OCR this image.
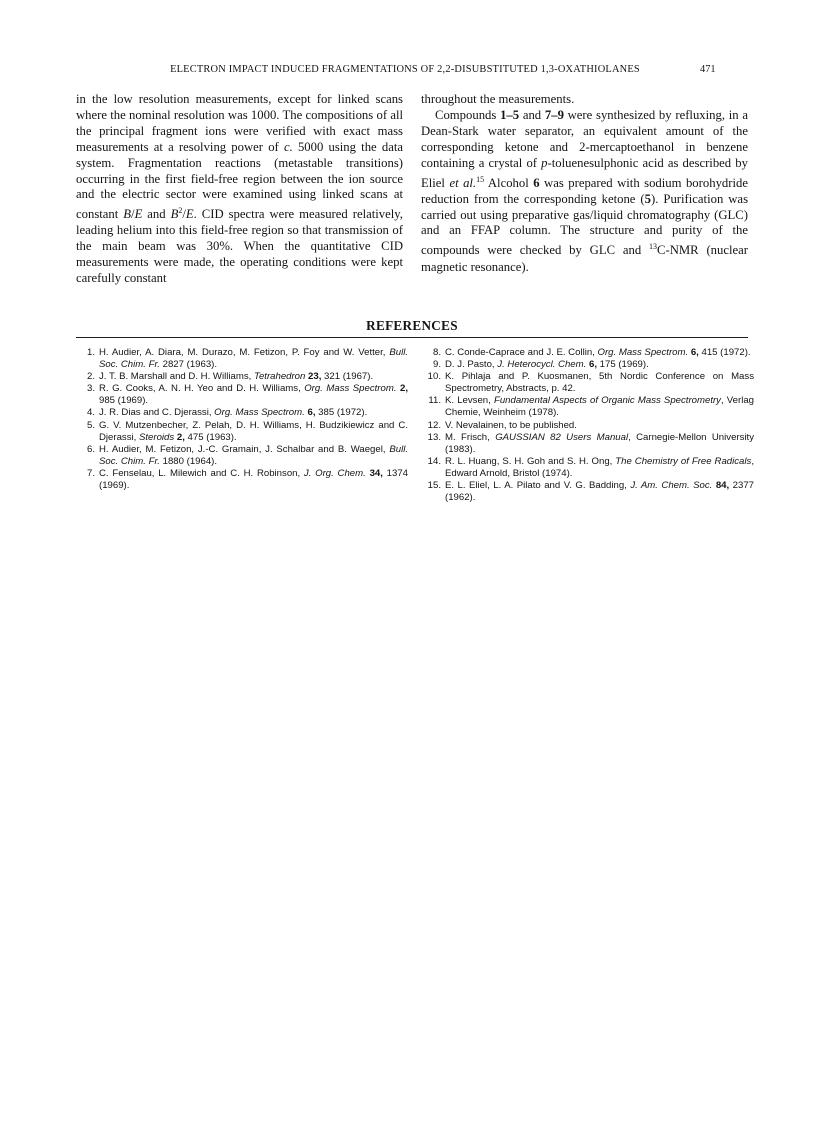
ELECTRON IMPACT INDUCED FRAGMENTATIONS OF 2,2-DISUBSTITUTED 1,3-OXATHIOLANES	471

in the low resolution measurements, except for linked scans where the nominal resolution was 1000. The compositions of all the principal fragment ions were verified with exact mass measurements at a resolving power of c. 5000 using the data system. Fragmentation reactions (metastable transitions) occurring in the first field-free region between the ion source and the electric sector were examined using linked scans at constant B/E and $B^2/E$. CID spectra were measured relatively, leading helium into this field-free region so that transmission of the main beam was 30%. When the quantitative CID measurements were made, the operating conditions were kept carefully constant

throughout the measurements.

Compounds 1–5 and 7–9 were synthesized by refluxing, in a Dean-Stark water separator, an equivalent amount of the corresponding ketone and 2-mercaptoethanol in benzene containing a crystal of p-toluenesulphonic acid as described by Eliel et al.$^{15}$ Alcohol 6 was prepared with sodium borohydride reduction from the corresponding ketone (5). Purification was carried out using preparative gas/liquid chromatography (GLC) and an FFAP column. The structure and purity of the compounds were checked by GLC and $^{13}$C-NMR (nuclear magnetic resonance).

REFERENCES
1. H. Audier, A. Diara, M. Durazo, M. Fetizon, P. Foy and W. Vetter, Bull. Soc. Chim. Fr. 2827 (1963).
2. J. T. B. Marshall and D. H. Williams, Tetrahedron 23, 321 (1967).
3. R. G. Cooks, A. N. H. Yeo and D. H. Williams, Org. Mass Spectrom. 2, 985 (1969).
4. J. R. Dias and C. Djerassi, Org. Mass Spectrom. 6, 385 (1972).
5. G. V. Mutzenbecher, Z. Pelah, D. H. Williams, H. Budzikiewicz and C. Djerassi, Steroids 2, 475 (1963).
6. H. Audier, M. Fetizon, J.-C. Gramain, J. Schalbar and B. Waegel, Bull. Soc. Chim. Fr. 1880 (1964).
7. C. Fenselau, L. Milewich and C. H. Robinson, J. Org. Chem. 34, 1374 (1969).
8. C. Conde-Caprace and J. E. Collin, Org. Mass Spectrom. 6, 415 (1972).
9. D. J. Pasto, J. Heterocycl. Chem. 6, 175 (1969).
10. K. Pihlaja and P. Kuosmanen, 5th Nordic Conference on Mass Spectrometry, Abstracts, p. 42.
11. K. Levsen, Fundamental Aspects of Organic Mass Spectrometry, Verlag Chemie, Weinheim (1978).
12. V. Nevalainen, to be published.
13. M. Frisch, GAUSSIAN 82 Users Manual, Carnegie-Mellon University (1983).
14. R. L. Huang, S. H. Goh and S. H. Ong, The Chemistry of Free Radicals, Edward Arnold, Bristol (1974).
15. E. L. Eliel, L. A. Pilato and V. G. Badding, J. Am. Chem. Soc. 84, 2377 (1962).
